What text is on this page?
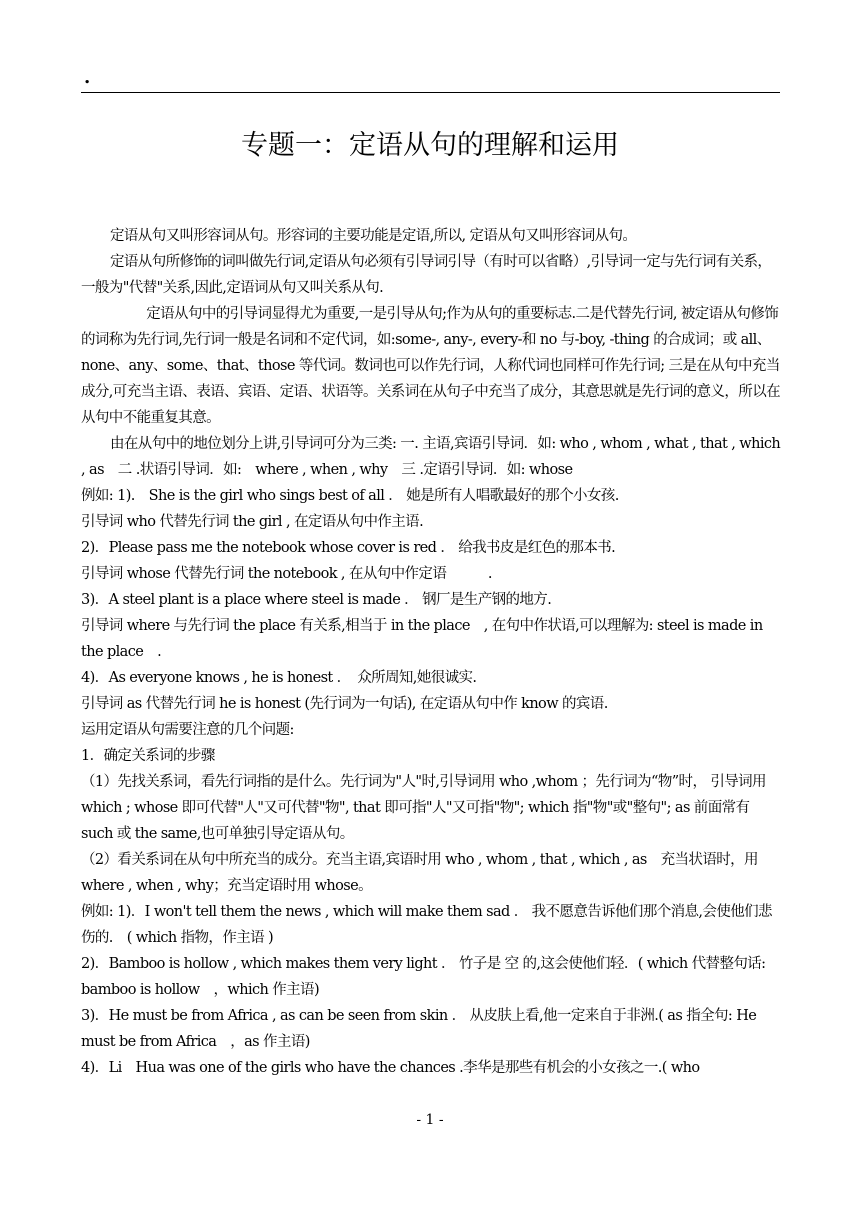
.
专题一：定语从句的理解和运用

定语从句又叫形容词从句。形容词的主要功能是定语,所以, 定语从句又叫形容词从句。

定语从句所修饰的词叫做先行词,定语从句必须有引导词引导（有时可以省略）,引导词一定与先行词有关系，一般为"代替"关系,因此,定语词从句又叫关系从句.

定语从句中的引导词显得尤为重要,一是引导从句;作为从句的重要标志.二是代替先行词, 被定语从句修饰的词称为先行词,先行词一般是名词和不定代词，如:some-, any-, every-和 no 与-boy, -thing 的合成词；或 all、none、any、some、that、those 等代词。数词也可以作先行词，人称代词也同样可作先行词; 三是在从句中充当成分,可充当主语、表语、宾语、定语、状语等。关系词在从句子中充当了成分，其意思就是先行词的意义，所以在从句中不能重复其意。

由在从句中的地位划分上讲,引导词可分为三类: 一. 主语,宾语引导词．如: who , whom , what , that , which , as　二 .状语引导词．如:　where , when , why　三 .定语引导词．如: whose

例如: 1).　She is the girl who sings best of all ． 她是所有人唱歌最好的那个小女孩.

引导词 who 代替先行词 the girl , 在定语从句中作主语.

2)．Please pass me the notebook whose cover is red ． 给我书皮是红色的那本书.

引导词 whose 代替先行词 the notebook , 在从句中作定语　　　.

3)．A steel plant is a place where steel is made ． 钢厂是生产钢的地方.

引导词 where 与先行词 the place 有关系,相当于 in the place　, 在句中作状语,可以理解为: steel is made in the place　.

4)．As everyone knows , he is honest ．　众所周知,她很诚实.

引导词 as 代替先行词 he is honest (先行词为一句话), 在定语从句中作 know 的宾语.

运用定语从句需要注意的几个问题:

1．确定关系词的步骤

（1）先找关系词，看先行词指的是什么。先行词为"人"时,引导词用 who ,whom ；先行词为“物”时， 引导词用 which ; whose 即可代替"人"又可代替"物", that 即可指"人"又可指"物"; which 指"物"或"整句"; as 前面常有 such 或 the same,也可单独引导定语从句。

（2）看关系词在从句中所充当的成分。充当主语,宾语时用 who , whom , that , which , as　充当状语时，用 where , when , why；充当定语时用 whose。

例如: 1)．I won't tell them the news , which will make them sad ． 我不愿意告诉他们那个消息,会使他们悲伤的.　( which 指物，作主语 )

2)．Bamboo is hollow , which makes them very light ． 竹子是 空 的,这会使他们轻．( which 代替整句话: bamboo is hollow　，which 作主语)

3)．He must be from Africa , as can be seen from skin ． 从皮肤上看,他一定来自于非洲.( as 指全句: He must be from Africa　，as 作主语)

4)．Li　Hua was one of the girls who have the chances .李华是那些有机会的小女孩之一.( who

- 1 -
